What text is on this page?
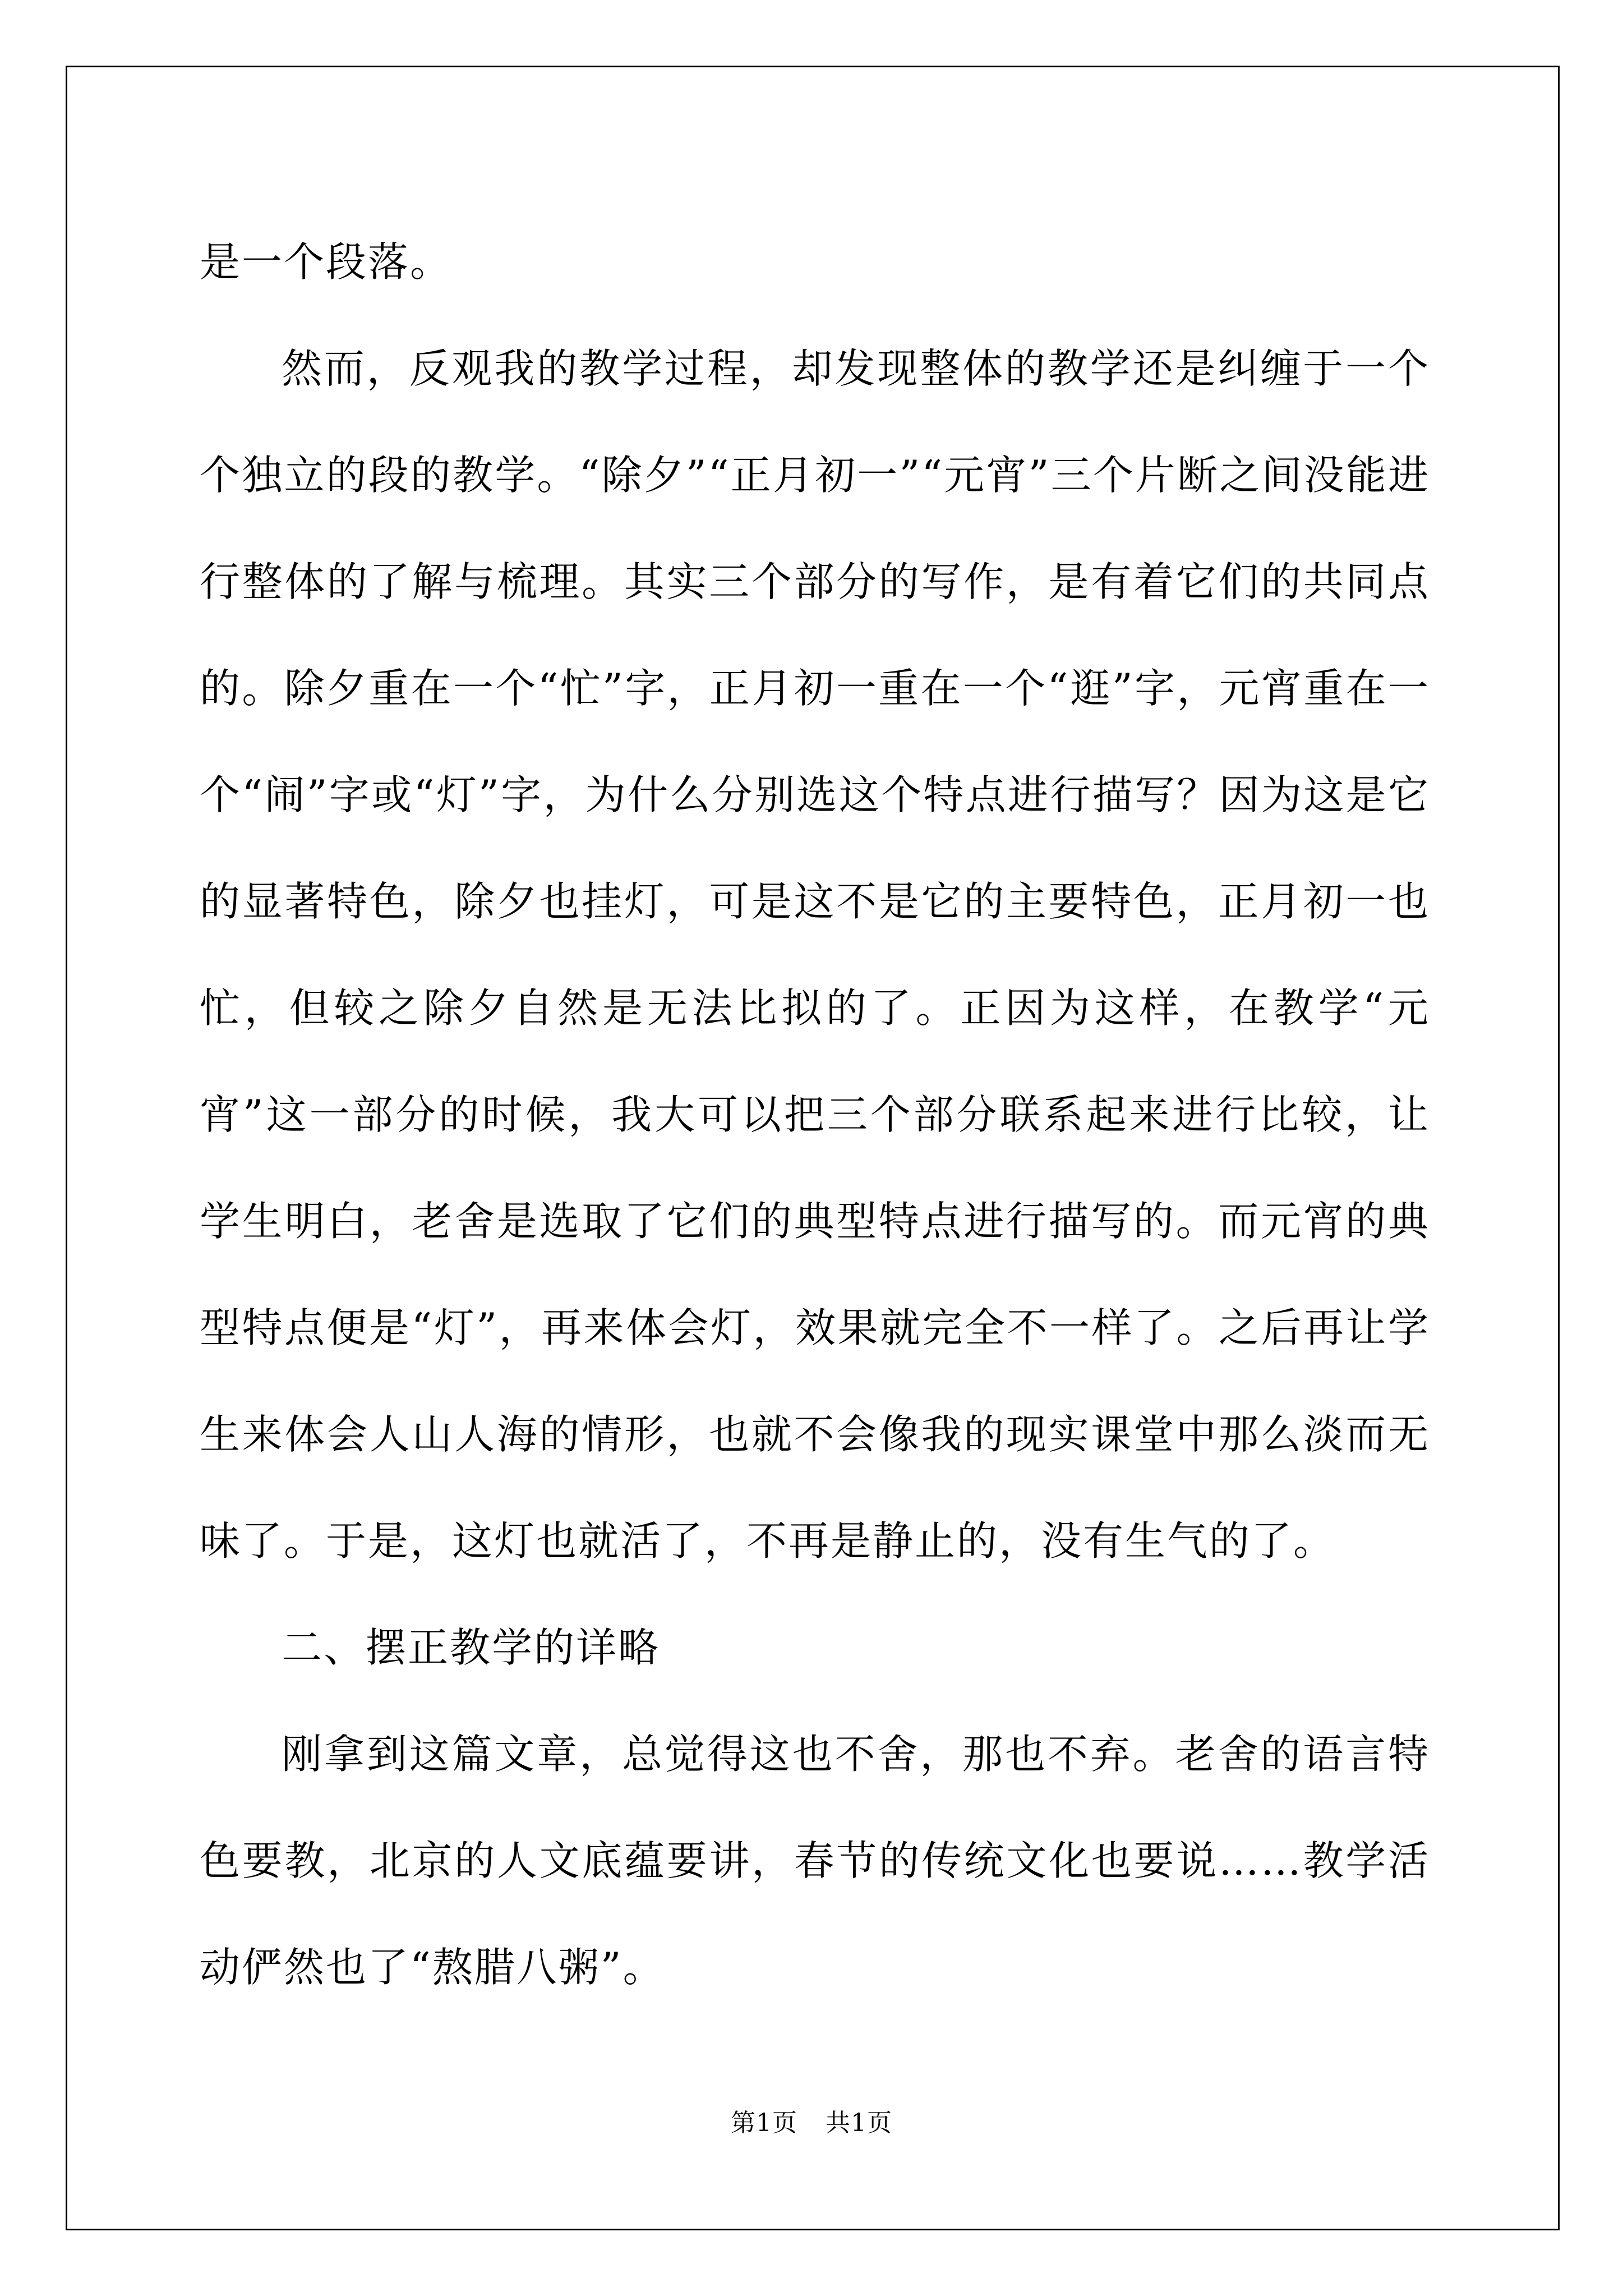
是一个段落。

然而，反观我的教学过程，却发现整体的教学还是纠缠于一个个独立的段的教学。“除夕”“正月初一”“元宵”三个片断之间没能进行整体的了解与梳理。其实三个部分的写作，是有着它们的共同点的。除夕重在一个“忙”字，正月初一重在一个“逛”字，元宵重在一个“闹”字或“灯”字，为什么分别选这个特点进行描写？因为这是它的显著特色，除夕也挂灯，可是这不是它的主要特色，正月初一也忙，但较之除夕自然是无法比拟的了。正因为这样，在教学“元宵”这一部分的时候，我大可以把三个部分联系起来进行比较，让学生明白，老舍是选取了它们的典型特点进行描写的。而元宵的典型特点便是“灯”，再来体会灯，效果就完全不一样了。之后再让学生来体会人山人海的情形，也就不会像我的现实课堂中那么淡而无味了。于是，这灯也就活了，不再是静止的，没有生气的了。

二、摆正教学的详略

刚拿到这篇文章，总觉得这也不舍，那也不弃。老舍的语言特色要教，北京的人文底蕴要讲，春节的传统文化也要说……教学活动俨然也了“熬腊八粥”。

第1页 共1页
